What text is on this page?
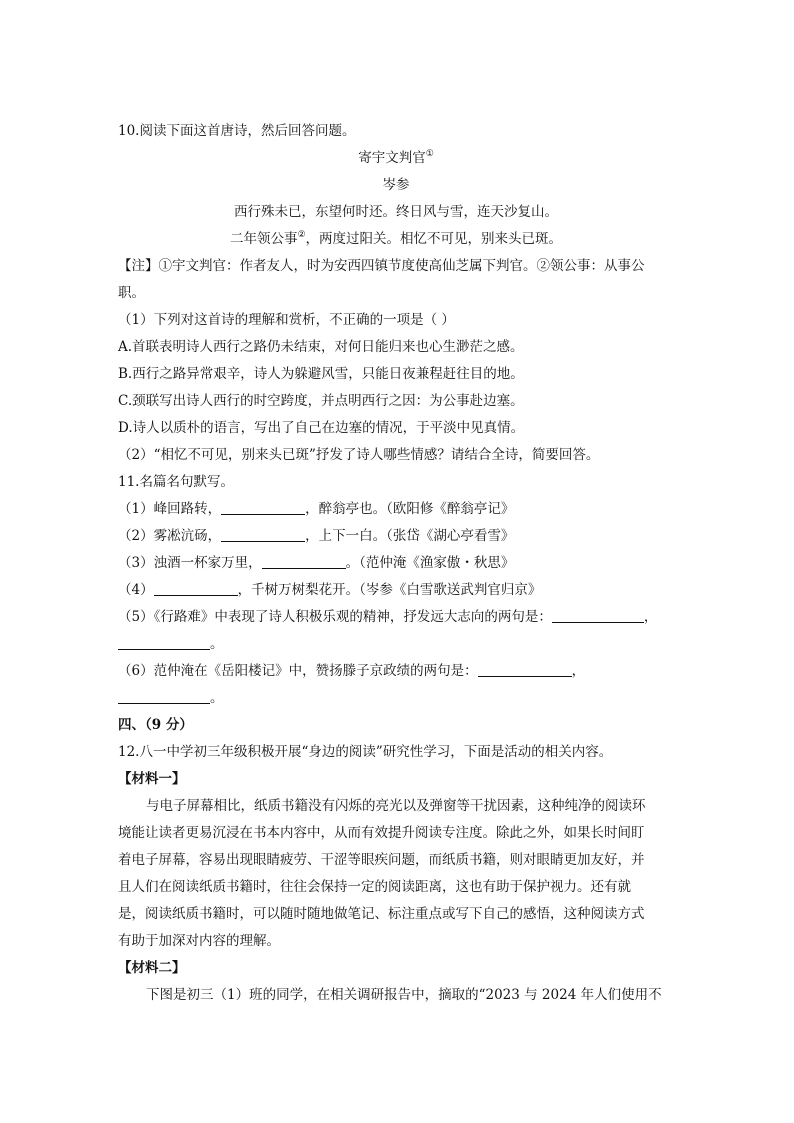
10.阅读下面这首唐诗，然后回答问题。
寄宇文判官①
岑参
西行殊未已，东望何时还。终日风与雪，连天沙复山。
二年领公事②，两度过阳关。相忆不可见，别来头已斑。
【注】①宇文判官：作者友人，时为安西四镇节度使高仙芝属下判官。②领公事：从事公
职。
（1）下列对这首诗的理解和赏析，不正确的一项是（ ）
A.首联表明诗人西行之路仍未结束，对何日能归来也心生渺茫之感。
B.西行之路异常艰辛，诗人为躲避风雪，只能日夜兼程赶往目的地。
C.颈联写出诗人西行的时空跨度，并点明西行之因：为公事赴边塞。
D.诗人以质朴的语言，写出了自己在边塞的情况，于平淡中见真情。
（2）“相忆不可见，别来头已斑”抒发了诗人哪些情感？请结合全诗，简要回答。
11.名篇名句默写。
（1）峰回路转，	，醉翁亭也。（欧阳修《醉翁亭记》
（2）雾凇沆砀，	，上下一白。（张岱《湖心亭看雪》
（3）浊酒一杯家万里，	。（范仲淹《渔家傲・秋思》
（4）	，千树万树梨花开。（岑参《白雪歌送武判官归京》
（5）《行路难》中表现了诗人积极乐观的精神，抒发远大志向的两句是：	，
。
（6）范仲淹在《岳阳楼记》中，赞扬滕子京政绩的两句是：	，
。
四、（9 分）
12.八一中学初三年级积极开展“身边的阅读”研究性学习，下面是活动的相关内容。
【材料一】
与电子屏幕相比，纸质书籍没有闪烁的亮光以及弹窗等干扰因素，这种纯净的阅读环
境能让读者更易沉浸在书本内容中，从而有效提升阅读专注度。除此之外，如果长时间盯
着电子屏幕，容易出现眼睛疲劳、干涩等眼疾问题，而纸质书籍，则对眼睛更加友好，并
且人们在阅读纸质书籍时，往往会保持一定的阅读距离，这也有助于保护视力。还有就
是，阅读纸质书籍时，可以随时随地做笔记、标注重点或写下自己的感悟，这种阅读方式
有助于加深对内容的理解。
【材料二】
下图是初三（1）班的同学，在相关调研报告中，摘取的“2023 与 2024 年人们使用不
